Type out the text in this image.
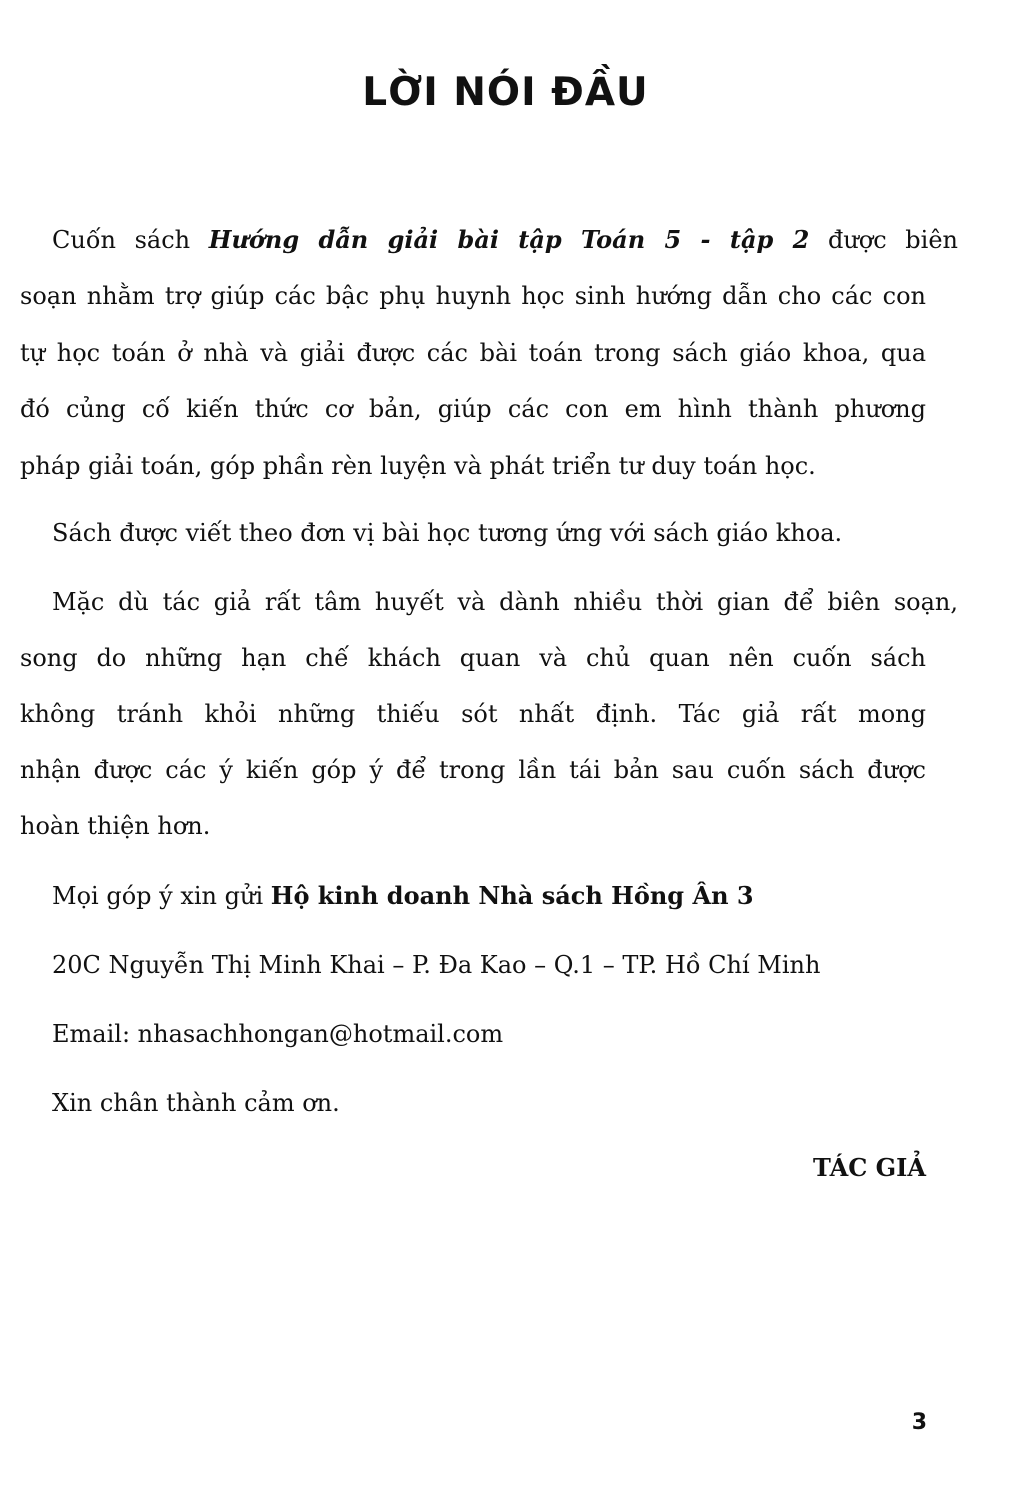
LỜI NÓI ĐẦU

Cuốn sách Hướng dẫn giải bài tập Toán 5 - tập 2 được biên

soạn nhằm trợ giúp các bậc phụ huynh học sinh hướng dẫn cho các con

tự học toán ở nhà và giải được các bài toán trong sách giáo khoa, qua

đó củng cố kiến thức cơ bản, giúp các con em hình thành phương

pháp giải toán, góp phần rèn luyện và phát triển tư duy toán học.

Sách được viết theo đơn vị bài học tương ứng với sách giáo khoa.

Mặc dù tác giả rất tâm huyết và dành nhiều thời gian để biên soạn,

song do những hạn chế khách quan và chủ quan nên cuốn sách

không tránh khỏi những thiếu sót nhất định. Tác giả rất mong

nhận được các ý kiến góp ý để trong lần tái bản sau cuốn sách được

hoàn thiện hơn.

Mọi góp ý xin gửi Hộ kinh doanh Nhà sách Hồng Ân 3

20C Nguyễn Thị Minh Khai – P. Đa Kao – Q.1 – TP. Hồ Chí Minh

Email: nhasachhongan@hotmail.com

Xin chân thành cảm ơn.

TÁC GIẢ

3
